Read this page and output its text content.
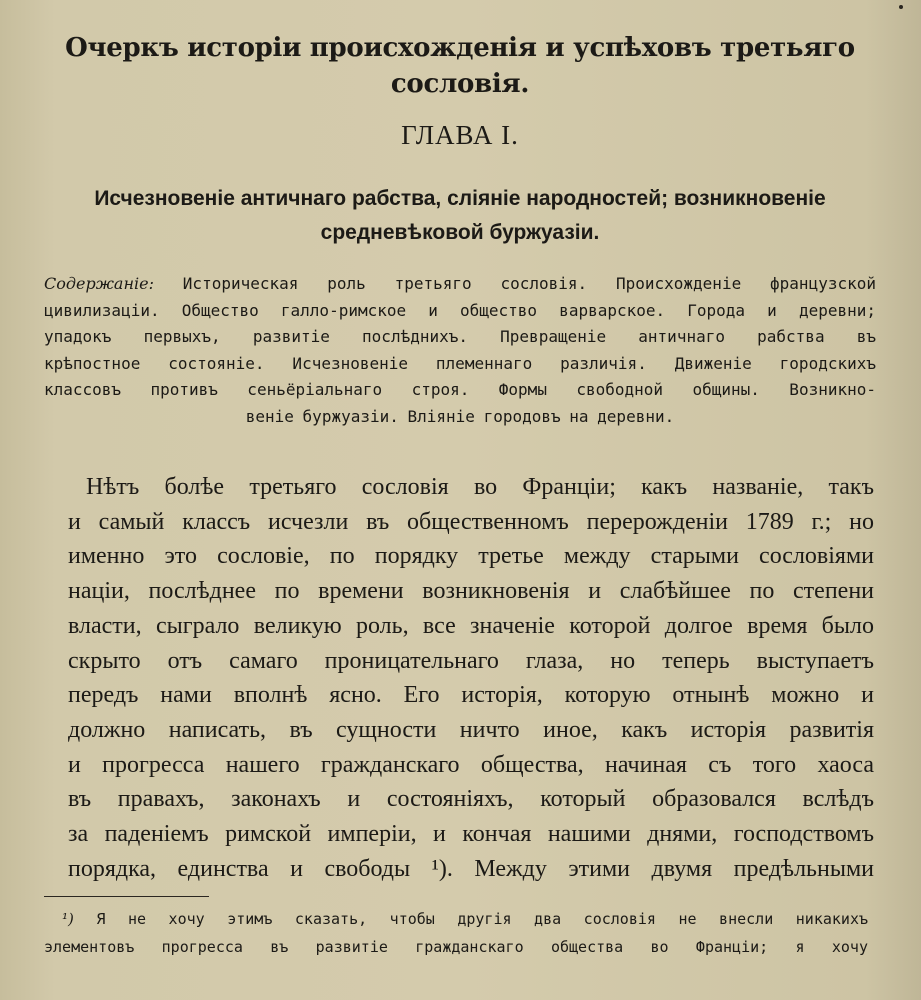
Очеркъ исторіи происхожденія и успѣховъ третьяго
сословія.
ГЛАВА I.
Исчезновеніе античнаго рабства, сліяніе народностей; возникновеніе
средневѣковой буржуазіи.
Содержаніе: Историческая роль третьяго сословія. Происхожденіе французской
цивилизаціи. Общество галло-римское и общество варварское. Города и деревни;
упадокъ первыхъ, развитіе послѣднихъ. Превращеніе античнаго рабства въ
крѣпостное состояніе. Исчезновеніе племеннаго различія. Движеніе городскихъ
классовъ противъ сеньёріальнаго строя. Формы свободной общины. Возникно-
веніе буржуазіи. Вліяніе городовъ на деревни.
Нѣтъ болѣе третьяго сословія во Франціи; какъ названіе, такъ
и самый классъ исчезли въ общественномъ перерожденіи 1789 г.; но
именно это сословіе, по порядку третье между старыми сословіями
націи, послѣднее по времени возникновенія и слабѣйшее по степени
власти, сыграло великую роль, все значеніе которой долгое время было
скрыто отъ самаго проницательнаго глаза, но теперь выступаетъ
передъ нами вполнѣ ясно. Его исторія, которую отнынѣ можно и
должно написать, въ сущности ничто иное, какъ исторія развитія
и прогресса нашего гражданскаго общества, начиная съ того хаоса
въ правахъ, законахъ и состояніяхъ, который образовался вслѣдъ
за паденіемъ римской имперіи, и кончая нашими днями, господствомъ
порядка, единства и свободы ¹). Между этими двумя предѣльными
¹) Я не хочу этимъ сказать, чтобы другія два сословія не внесли никакихъ
элементовъ прогресса въ развитіе гражданскаго общества во Франціи; я хочу
